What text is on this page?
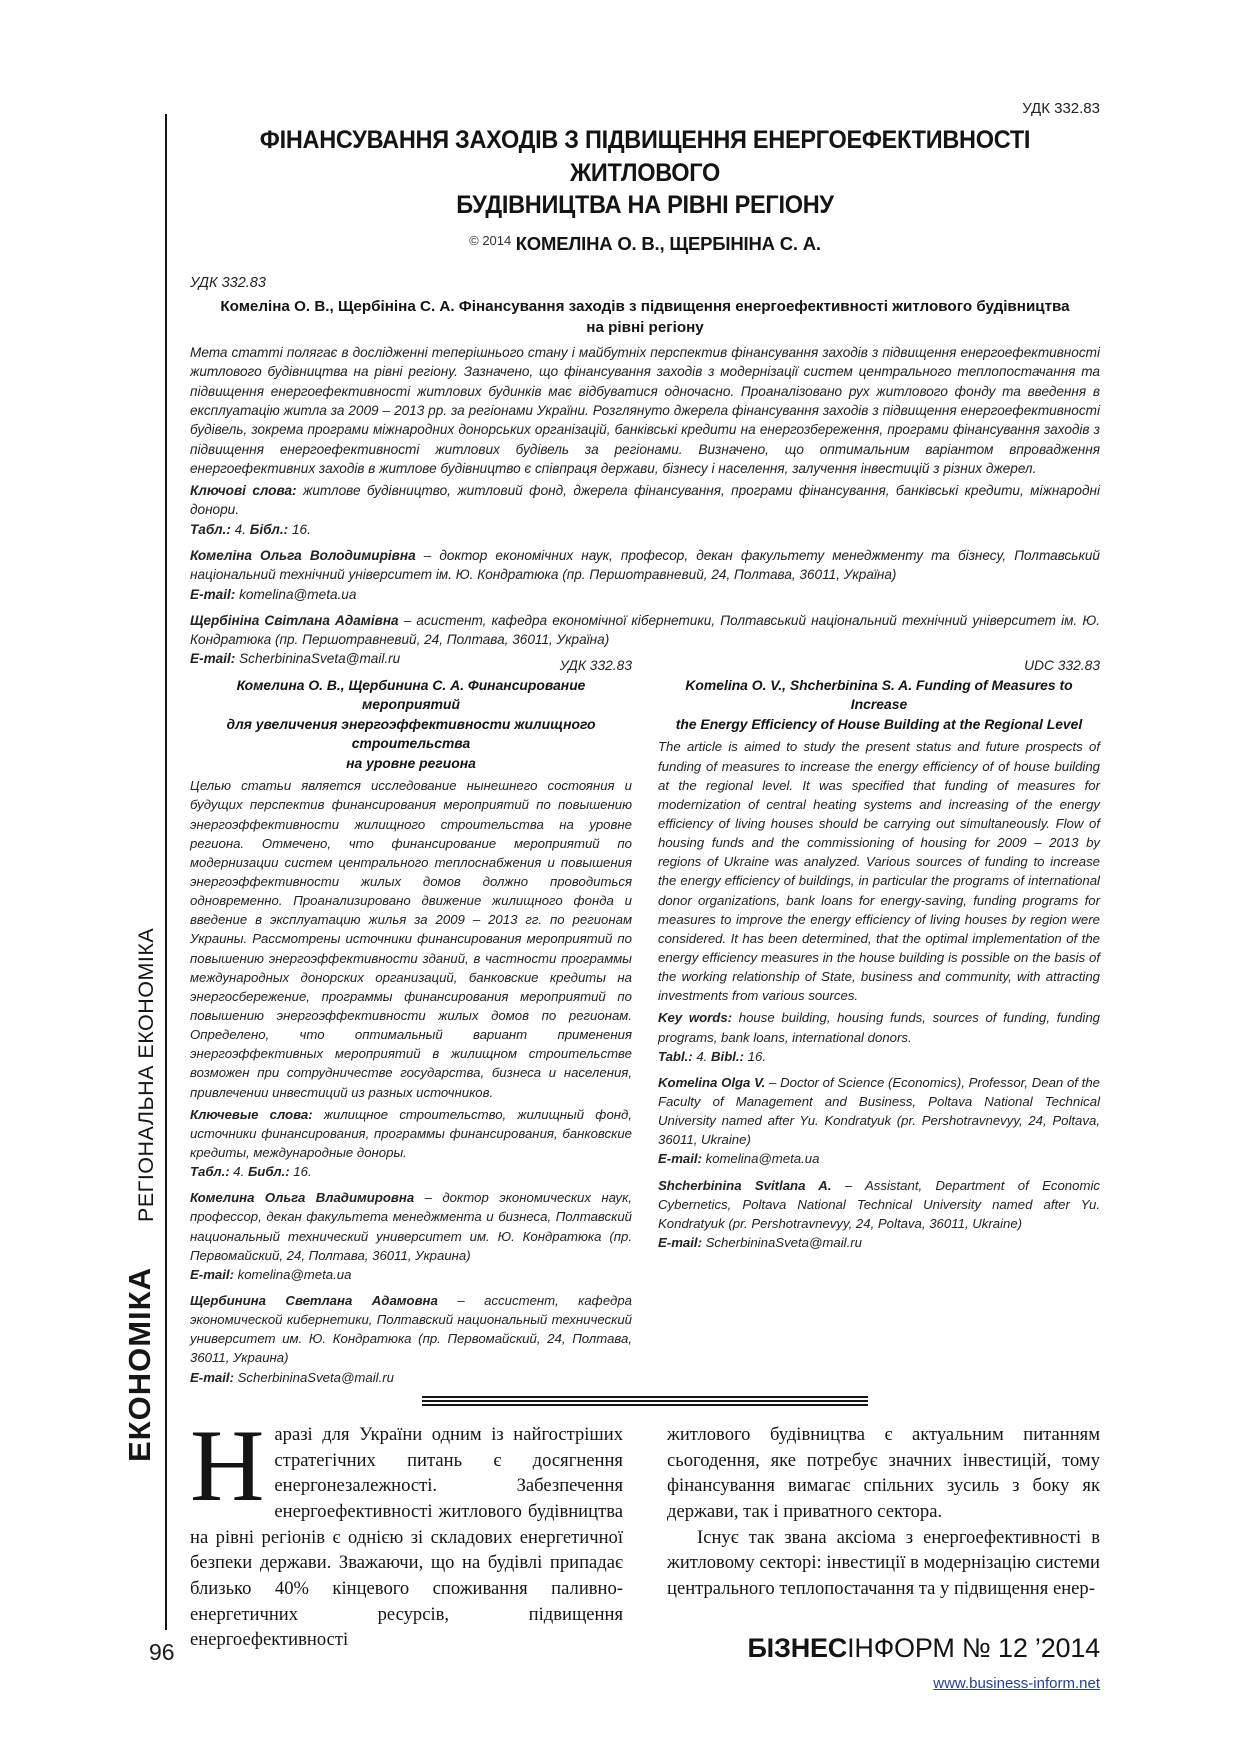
РЕГІОНАЛЬНА ЕКОНОМІКА
ЕКОНОМІКА
УДК 332.83
ФІНАНСУВАННЯ ЗАХОДІВ З ПІДВИЩЕННЯ ЕНЕРГОЕФЕКТИВНОСТІ ЖИТЛОВОГО
БУДІВНИЦТВА НА РІВНІ РЕГІОНУ
$^{© 2014}$ КОМЕЛІНА О. В., ЩЕРБІНІНА С. А.
УДК 332.83
Комеліна О. В., Щербініна С. А. Фінансування заходів з підвищення енергоефективності житлового будівництва
на рівні регіону
Мета статті полягає в дослідженні теперішнього стану і майбутніх перспектив фінансування заходів з підвищення енергоефективності житлового будівництва на рівні регіону. Зазначено, що фінансування заходів з модернізації систем центрального теплопостачання та підвищення енергоефективності житлових будинків має відбуватися одночасно. Проаналізовано рух житлового фонду та введення в експлуатацію житла за 2009 – 2013 рр. за регіонами України. Розглянуто джерела фінансування заходів з підвищення енергоефективності будівель, зокрема програми міжнародних донорських організацій, банківські кредити на енергозбереження, програми фінансування заходів з підвищення енергоефективності житлових будівель за регіонами. Визначено, що оптимальним варіантом впровадження енергоефективних заходів в житлове будівництво є співпраця держави, бізнесу і населення, залучення інвестицій з різних джерел.
Ключові слова: житлове будівництво, житловий фонд, джерела фінансування, програми фінансування, банківські кредити, міжнародні донори.
Табл.: 4. Бібл.: 16.
Комеліна Ольга Володимирівна – доктор економічних наук, професор, декан факультету менеджменту та бізнесу, Полтавський національний технічний університет ім. Ю. Кондратюка (пр. Першотравневий, 24, Полтава, 36011, Україна)
E-mail: komelina@meta.ua
Щербініна Світлана Адамівна – асистент, кафедра економічної кібернетики, Полтавський національний технічний університет ім. Ю. Кондратюка (пр. Першотравневий, 24, Полтава, 36011, Україна)
E-mail: ScherbininaSveta@mail.ru	УДК 332.83
Комелина О. В., Щербинина С. А. Финансирование мероприятий
для увеличения энергоэффективности жилищного строительства
на уровне региона
Целью статьи является исследование нынешнего состояния и будущих перспектив финансирования мероприятий по повышению энергоэффективности жилищного строительства на уровне региона. Отмечено, что финансирование мероприятий по модернизации систем центрального теплоснабжения и повышения энергоэффективности жилых домов должно проводиться одновременно. Проанализировано движение жилищного фонда и введение в эксплуатацию жилья за 2009 – 2013 гг. по регионам Украины. Рассмотрены источники финансирования мероприятий по повышению энергоэффективности зданий, в частности программы международных донорских организаций, банковские кредиты на энергосбережение, программы финансирования мероприятий по повышению энергоэффективности жилых домов по регионам. Определено, что оптимальный вариант применения энергоэффективных мероприятий в жилищном строительстве возможен при сотрудничестве государства, бизнеса и населения, привлечении инвестиций из разных источников.
Ключевые слова: жилищное строительство, жилищный фонд, источники финансирования, программы финансирования, банковские кредиты, международные доноры.
Табл.: 4. Библ.: 16.
Комелина Ольга Владимировна – доктор экономических наук, профессор, декан факультета менеджмента и бизнеса, Полтавский национальный технический университет им. Ю. Кондратюка (пр. Первомайский, 24, Полтава, 36011, Украина)
E-mail: komelina@meta.ua
Щербинина Светлана Адамовна – ассистент, кафедра экономической кибернетики, Полтавский национальный технический университет им. Ю. Кондратюка (пр. Первомайский, 24, Полтава, 36011, Украина)
E-mail: ScherbininaSveta@mail.ru
UDC 332.83
Komelina O. V., Shcherbinina S. A. Funding of Measures to Increase
the Energy Efficiency of House Building at the Regional Level
The article is aimed to study the present status and future prospects of funding of measures to increase the energy efficiency of of house building at the regional level. It was specified that funding of measures for modernization of central heating systems and increasing of the energy efficiency of living houses should be carrying out simultaneously. Flow of housing funds and the commissioning of housing for 2009 – 2013 by regions of Ukraine was analyzed. Various sources of funding to increase the energy efficiency of buildings, in particular the programs of international donor organizations, bank loans for energy-saving, funding programs for measures to improve the energy efficiency of living houses by region were considered. It has been determined, that the optimal implementation of the energy efficiency measures in the house building is possible on the basis of the working relationship of State, business and community, with attracting investments from various sources.
Key words: house building, housing funds, sources of funding, funding programs, bank loans, international donors.
Tabl.: 4. Bibl.: 16.
Komelina Olga V. – Doctor of Science (Economics), Professor, Dean of the Faculty of Management and Business, Poltava National Technical University named after Yu. Kondratyuk (pr. Pershotravnevyy, 24, Poltava, 36011, Ukraine)
E-mail: komelina@meta.ua
Shcherbinina Svitlana A. – Assistant, Department of Economic Cybernetics, Poltava National Technical University named after Yu. Kondratyuk (pr. Pershotravnevyy, 24, Poltava, 36011, Ukraine)
E-mail: ScherbininaSveta@mail.ru
Наразі для України одним із найгостріших стратегічних питань є досягнення енергонезалежності. Забезпечення енергоефективності житлового будівництва на рівні регіонів є однією зі складових енергетичної безпеки держави. Зважаючи, що на будівлі припадає близько 40% кінцевого споживання паливно-енергетичних ресурсів, підвищення енергоефективності
житлового будівництва є актуальним питанням сьогодення, яке потребує значних інвестицій, тому фінансування вимагає спільних зусиль з боку як держави, так і приватного сектора.
Існує так звана аксіома з енергоефективності в житловому секторі: інвестиції в модернізацію системи центрального теплопостачання та у підвищення енер-
96	БІЗНЕСІНФОРМ № 12 ’2014
www.business-inform.net
